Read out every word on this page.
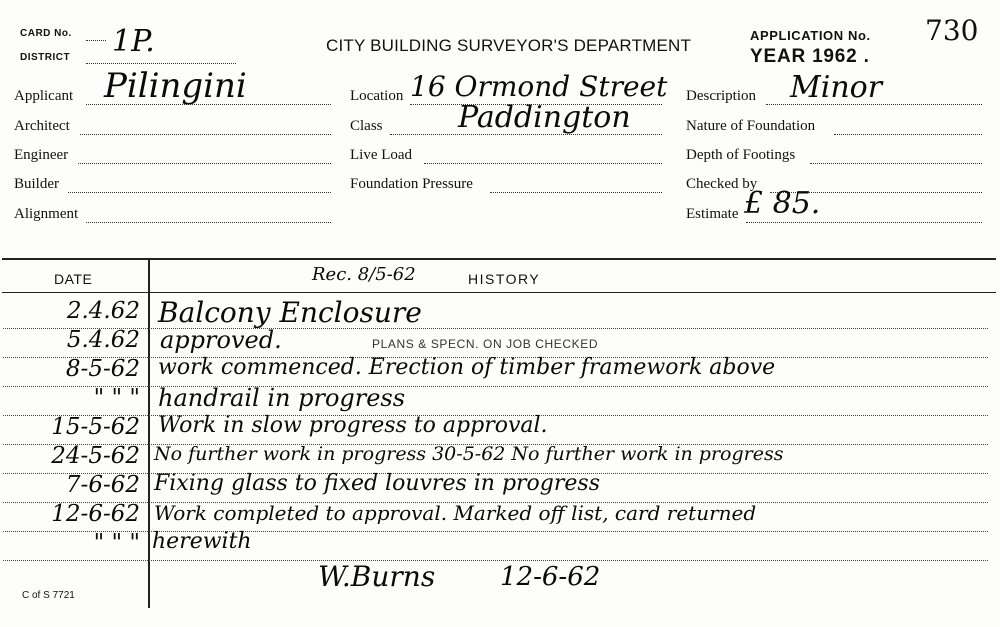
CARD No.
DISTRICT 1P.	CITY BUILDING SURVEYOR'S DEPARTMENT
APPLICATION No. 730
YEAR 1962 .
Applicant Pilingini
Architect
Engineer
Builder
Alignment
Location 16 Ormond Street
Class	Paddington
Live Load
Foundation Pressure
Description Minor
Nature of Foundation
Depth of Footings
Checked by
Estimate £ 85.
DATE	HISTORY
Rec. 8/5-62
2.4.62 Balcony Enclosure
5.4.62 approved.	PLANS & SPECN. ON JOB CHECKED
8-5-62 work commenced. Erection of timber framework above
" " " handrail in progress
15-5-62 Work in slow progress to approval.
24-5-62 No further work in progress 30-5-62 No further work in progress
7-6-62 Fixing glass to fixed louvres in progress
12-6-62 Work completed to approval. Marked off list, card returned
" " " herewith
W.Burns 12-6-62
C of S 7721
